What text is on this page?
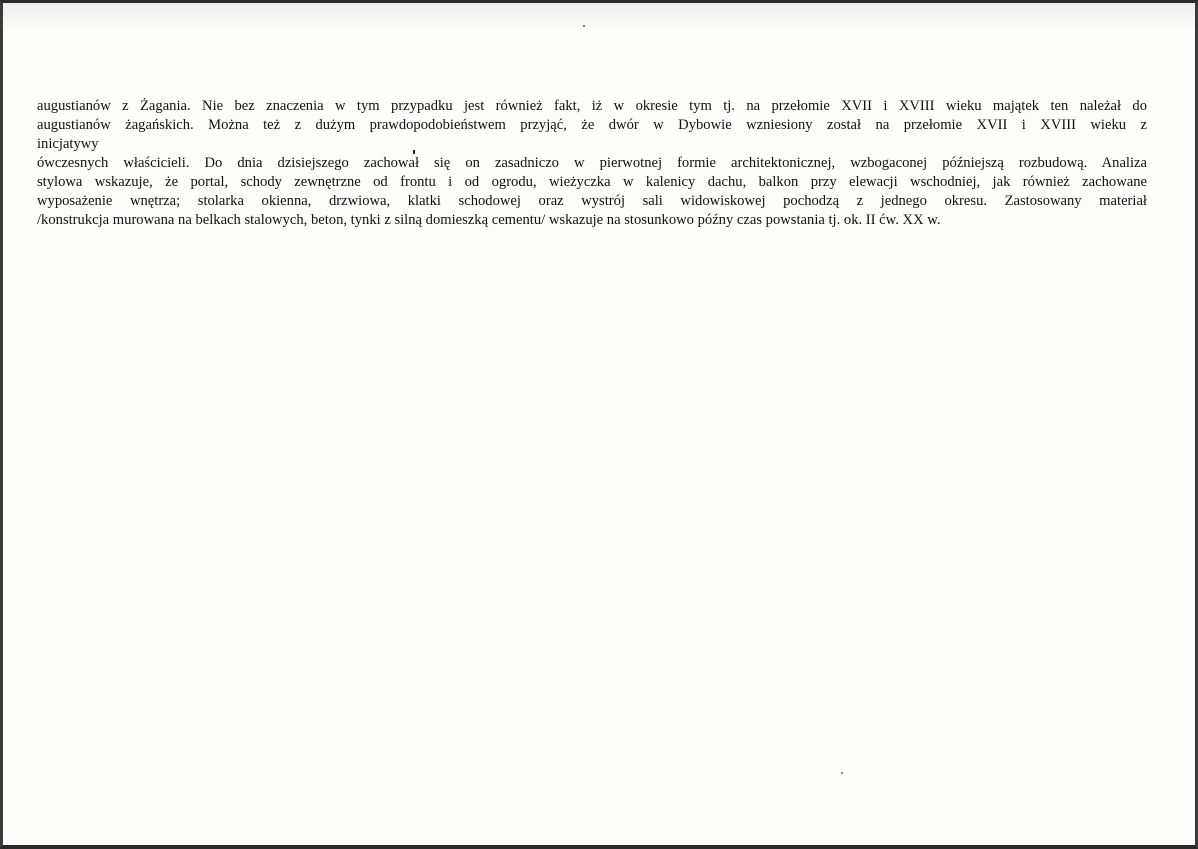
augustianów z Żagania. Nie bez znaczenia w tym przypadku jest również fakt, iż w okresie tym tj. na przełomie XVII i XVIII wieku majątek ten należał do
augustianów żagańskich. Można też z dużym prawdopodobieństwem przyjąć, że dwór w Dybowie wzniesiony został na przełomie XVII i XVIII wieku z
inicjatywy
ówczesnych właścicieli. Do dnia dzisiejszego zachował się on zasadniczo w pierwotnej formie architektonicznej, wzbogaconej późniejszą rozbudową. Analiza
stylowa wskazuje, że portal, schody zewnętrzne od frontu i od ogrodu, wieżyczka w kalenicy dachu, balkon przy elewacji wschodniej, jak również zachowane
wyposażenie wnętrza; stolarka okienna, drzwiowa, klatki schodowej oraz wystrój sali widowiskowej pochodzą z jednego okresu. Zastosowany materiał
/konstrukcja murowana na belkach stalowych, beton, tynki z silną domieszką cementu/ wskazuje na stosunkowo późny czas powstania tj. ok. II ćw. XX w.
